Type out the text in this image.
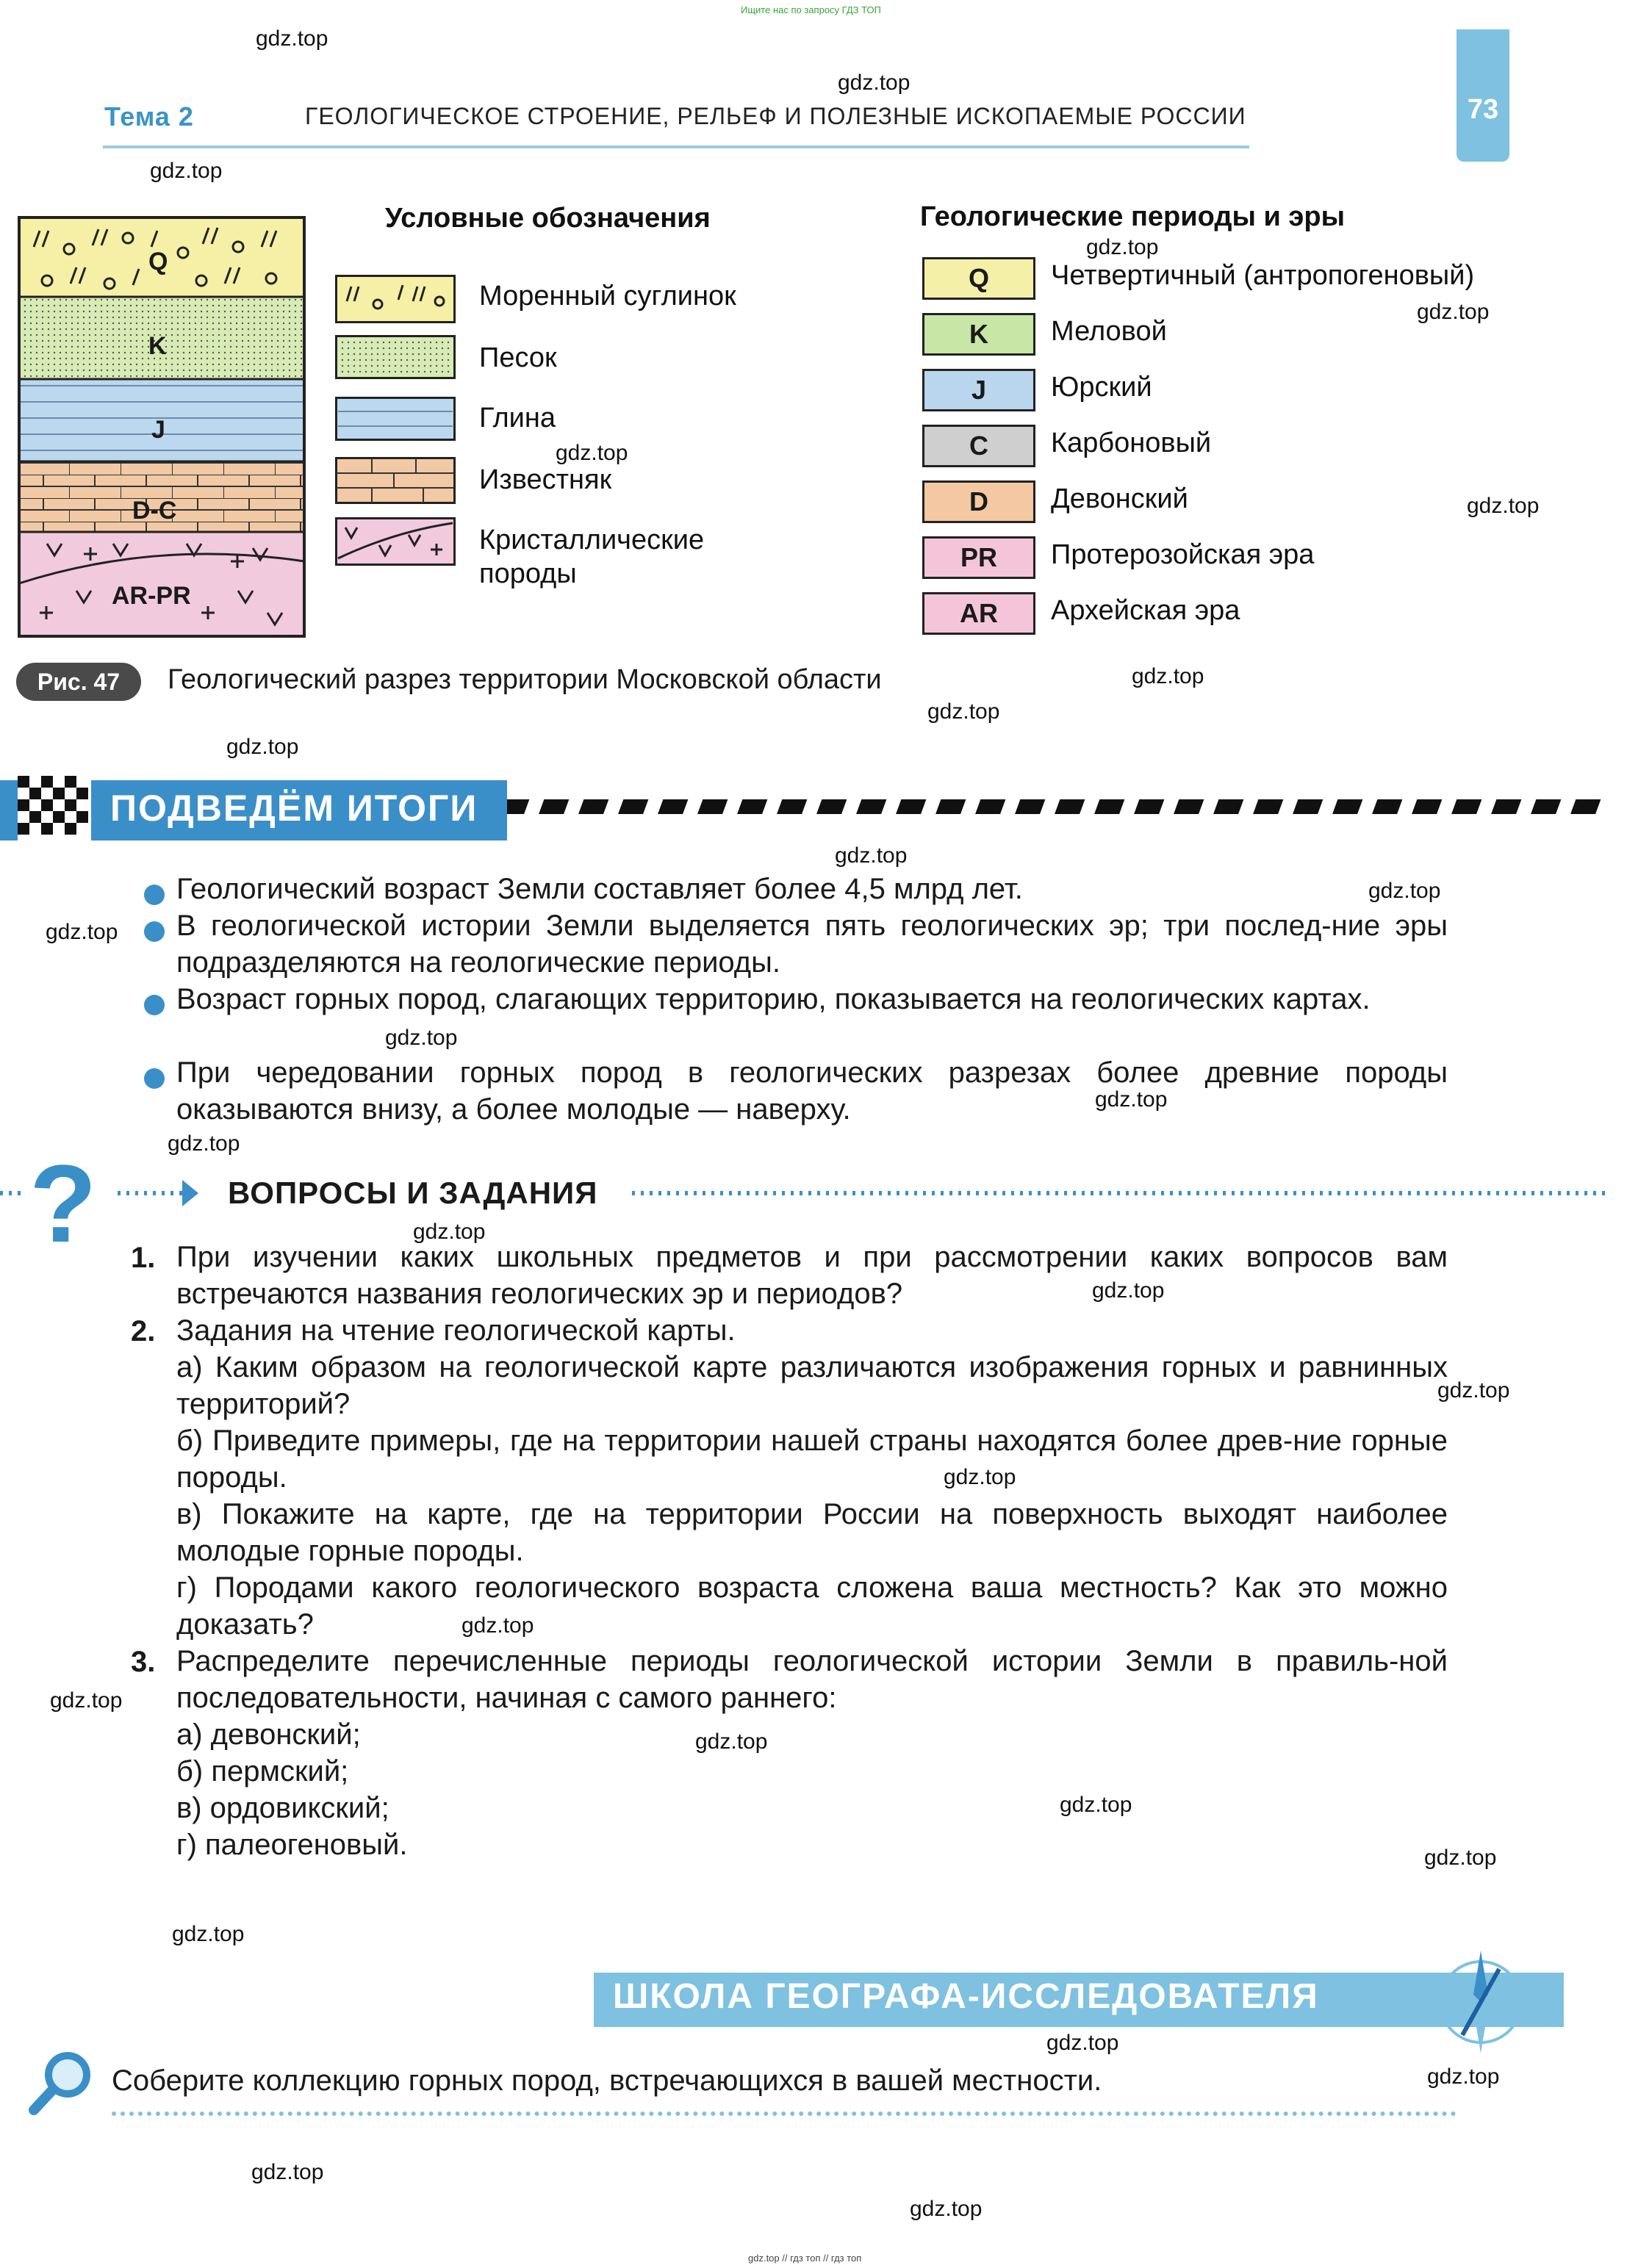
Ищите нас по запросу ГДЗ ТОП
gdz.top // гдз топ // гдз топ
73
Тема 2	ГЕОЛОГИЧЕСКОЕ СТРОЕНИЕ, РЕЛЬЕФ И ПОЛЕЗНЫЕ ИСКОПАЕМЫЕ РОССИИ
Q
K
J
D-C
AR-PR
Условные обозначения
Моренный суглинок
Песок
Глина
Известняк
Кристаллические
породы
Геологические периоды и эры
Q	Четвертичный (антропогеновый)
K	Меловой
J	Юрский
C	Карбоновый
D	Девонский
PR	Протерозойская эра
AR	Архейская эра
Рис. 47	Геологический разрез территории Московской области
ПОДВЕДЁМ ИТОГИ
Геологический возраст Земли составляет более 4,5 млрд лет.
В геологической истории Земли выделяется пять геологических эр; три послед-ние эры подразделяются на геологические периоды.
Возраст горных пород, слагающих территорию, показывается на геологических картах.
При чередовании горных пород в геологических разрезах более древние породы оказываются внизу, а более молодые — наверху.
?	ВОПРОСЫ И ЗАДАНИЯ
1. При изучении каких школьных предметов и при рассмотрении каких вопросов вам встречаются названия геологических эр и периодов?
2. Задания на чтение геологической карты.
а) Каким образом на геологической карте различаются изображения горных и равнинных территорий?
б) Приведите примеры, где на территории нашей страны находятся более древ-ние горные породы.
в) Покажите на карте, где на территории России на поверхность выходят наиболее молодые горные породы.
г) Породами какого геологического возраста сложена ваша местность? Как это можно доказать?
3. Распределите перечисленные периоды геологической истории Земли в правиль-ной последовательности, начиная с самого раннего:
а) девонский;
б) пермский;
в) ордовикский;
г) палеогеновый.
ШКОЛА ГЕОГРАФА-ИССЛЕДОВАТЕЛЯ
Соберите коллекцию горных пород, встречающихся в вашей местности.
gdz.top
gdz.top
gdz.top
gdz.top
gdz.top
gdz.top
gdz.top
gdz.top
gdz.top
gdz.top
gdz.top
gdz.top
gdz.top
gdz.top
gdz.top
gdz.top
gdz.top
gdz.top
gdz.top
gdz.top
gdz.top
gdz.top
gdz.top
gdz.top
gdz.top
gdz.top
gdz.top
gdz.top
gdz.top
gdz.top
